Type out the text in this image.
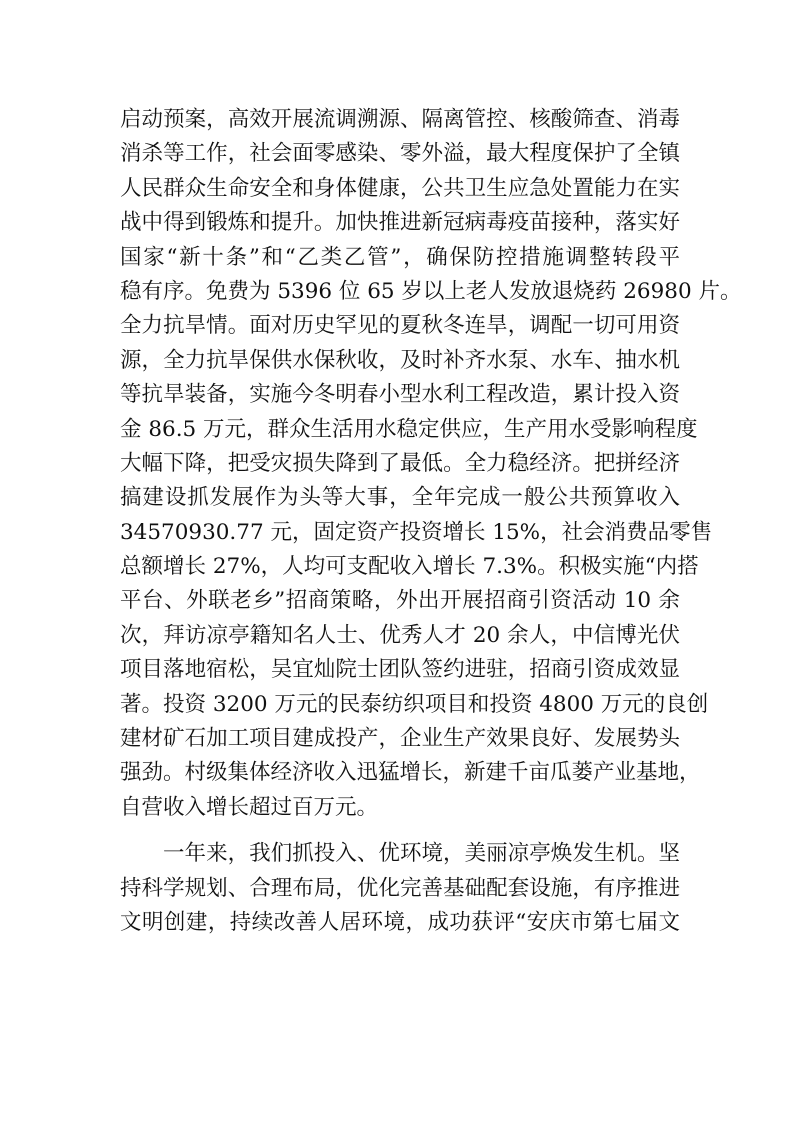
启动预案，高效开展流调溯源、隔离管控、核酸筛查、消毒
消杀等工作，社会面零感染、零外溢，最大程度保护了全镇
人民群众生命安全和身体健康，公共卫生应急处置能力在实
战中得到锻炼和提升。加快推进新冠病毒疫苗接种，落实好
国家“新十条”和“乙类乙管”，确保防控措施调整转段平
稳有序。免费为 5396 位 65 岁以上老人发放退烧药 26980 片。
全力抗旱情。面对历史罕见的夏秋冬连旱，调配一切可用资
源，全力抗旱保供水保秋收，及时补齐水泵、水车、抽水机
等抗旱装备，实施今冬明春小型水利工程改造，累计投入资
金 86.5 万元，群众生活用水稳定供应，生产用水受影响程度
大幅下降，把受灾损失降到了最低。全力稳经济。把拼经济
搞建设抓发展作为头等大事，全年完成一般公共预算收入
34570930.77 元，固定资产投资增长 15%，社会消费品零售
总额增长 27%，人均可支配收入增长 7.3%。积极实施“内搭
平台、外联老乡”招商策略，外出开展招商引资活动 10 余
次，拜访凉亭籍知名人士、优秀人才 20 余人，中信博光伏
项目落地宿松，吴宜灿院士团队签约进驻，招商引资成效显
著。投资 3200 万元的民泰纺织项目和投资 4800 万元的良创
建材矿石加工项目建成投产，企业生产效果良好、发展势头
强劲。村级集体经济收入迅猛增长，新建千亩瓜蒌产业基地，
自营收入增长超过百万元。
一年来，我们抓投入、优环境，美丽凉亭焕发生机。坚
持科学规划、合理布局，优化完善基础配套设施，有序推进
文明创建，持续改善人居环境，成功获评“安庆市第七届文
